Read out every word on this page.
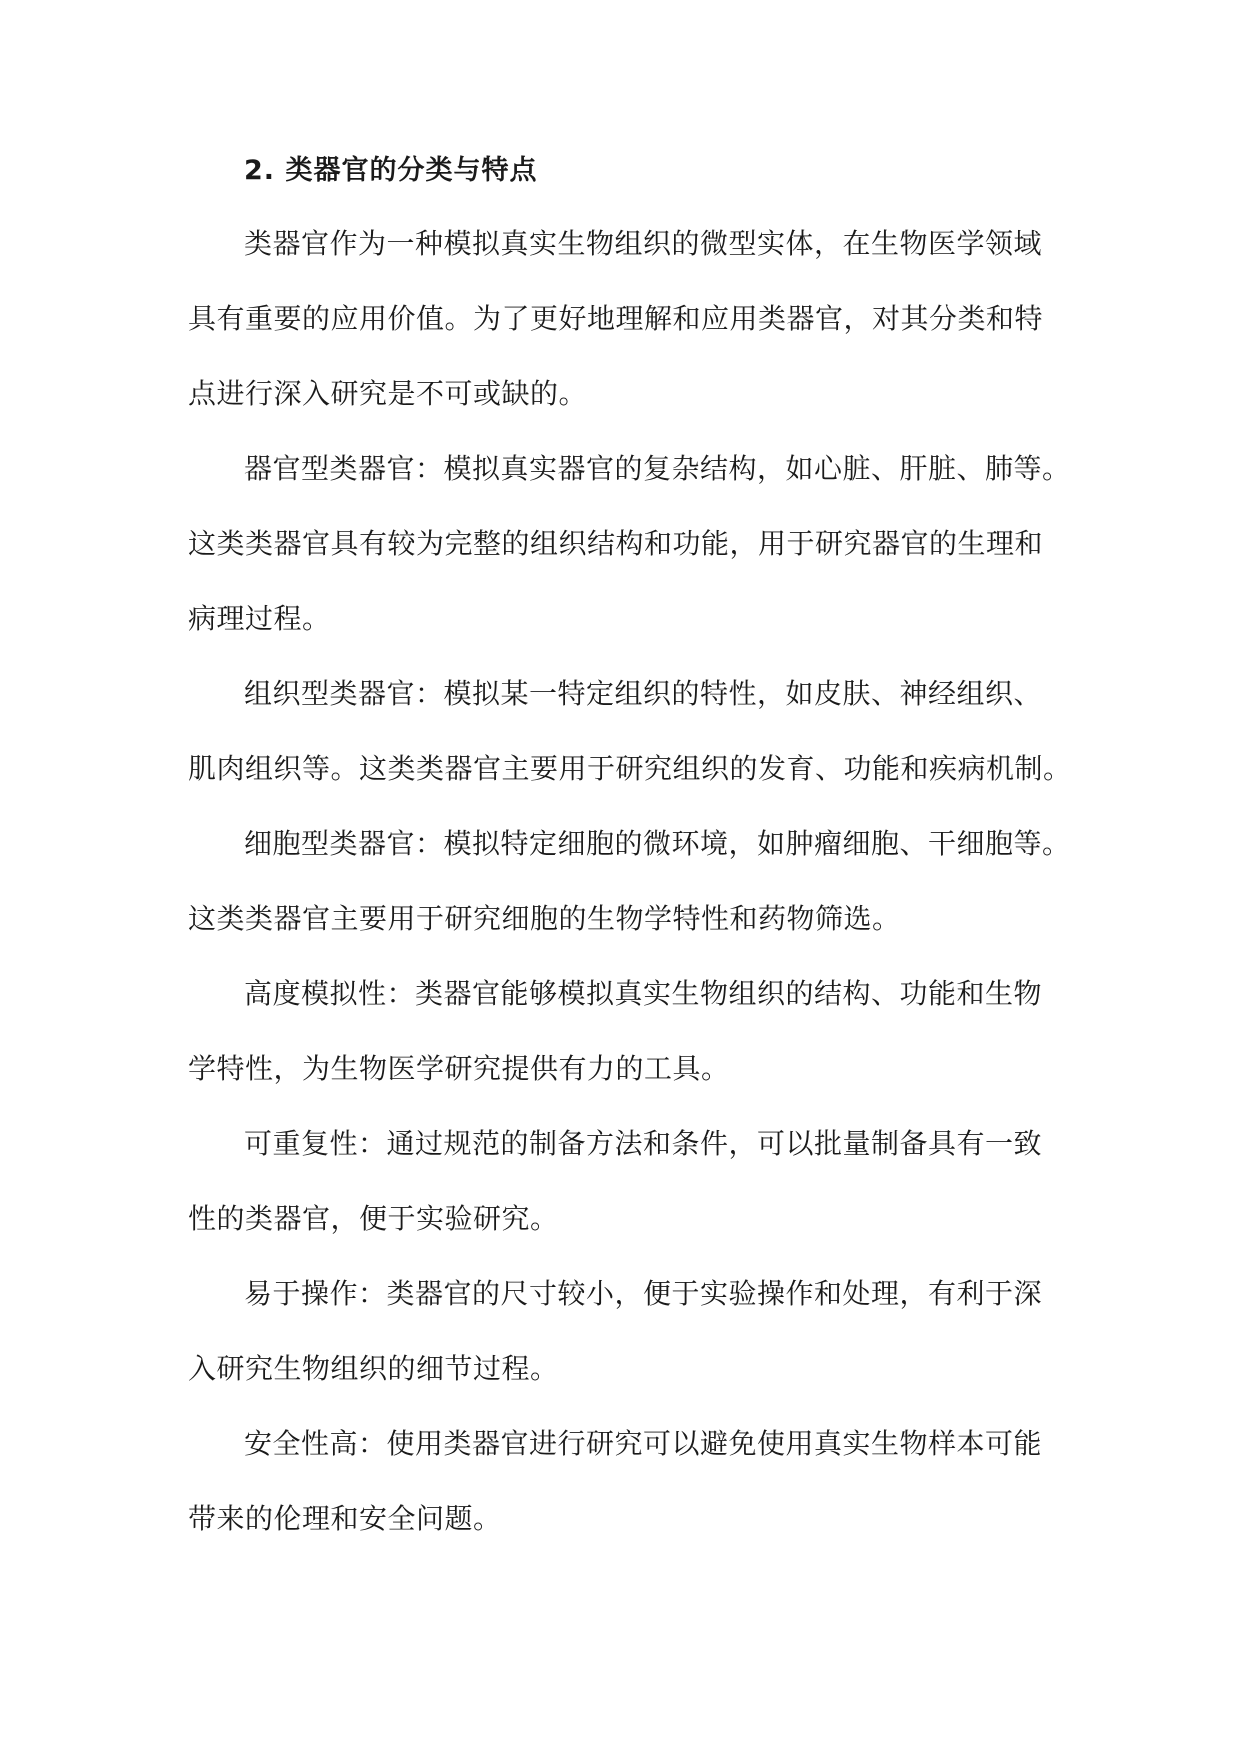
2. 类器官的分类与特点

类器官作为一种模拟真实生物组织的微型实体，在生物医学领域
具有重要的应用价值。为了更好地理解和应用类器官，对其分类和特
点进行深入研究是不可或缺的。

器官型类器官：模拟真实器官的复杂结构，如心脏、肝脏、肺等。
这类类器官具有较为完整的组织结构和功能，用于研究器官的生理和
病理过程。

组织型类器官：模拟某一特定组织的特性，如皮肤、神经组织、
肌肉组织等。这类类器官主要用于研究组织的发育、功能和疾病机制。

细胞型类器官：模拟特定细胞的微环境，如肿瘤细胞、干细胞等。
这类类器官主要用于研究细胞的生物学特性和药物筛选。

高度模拟性：类器官能够模拟真实生物组织的结构、功能和生物
学特性，为生物医学研究提供有力的工具。

可重复性：通过规范的制备方法和条件，可以批量制备具有一致
性的类器官，便于实验研究。

易于操作：类器官的尺寸较小，便于实验操作和处理，有利于深
入研究生物组织的细节过程。

安全性高：使用类器官进行研究可以避免使用真实生物样本可能
带来的伦理和安全问题。
